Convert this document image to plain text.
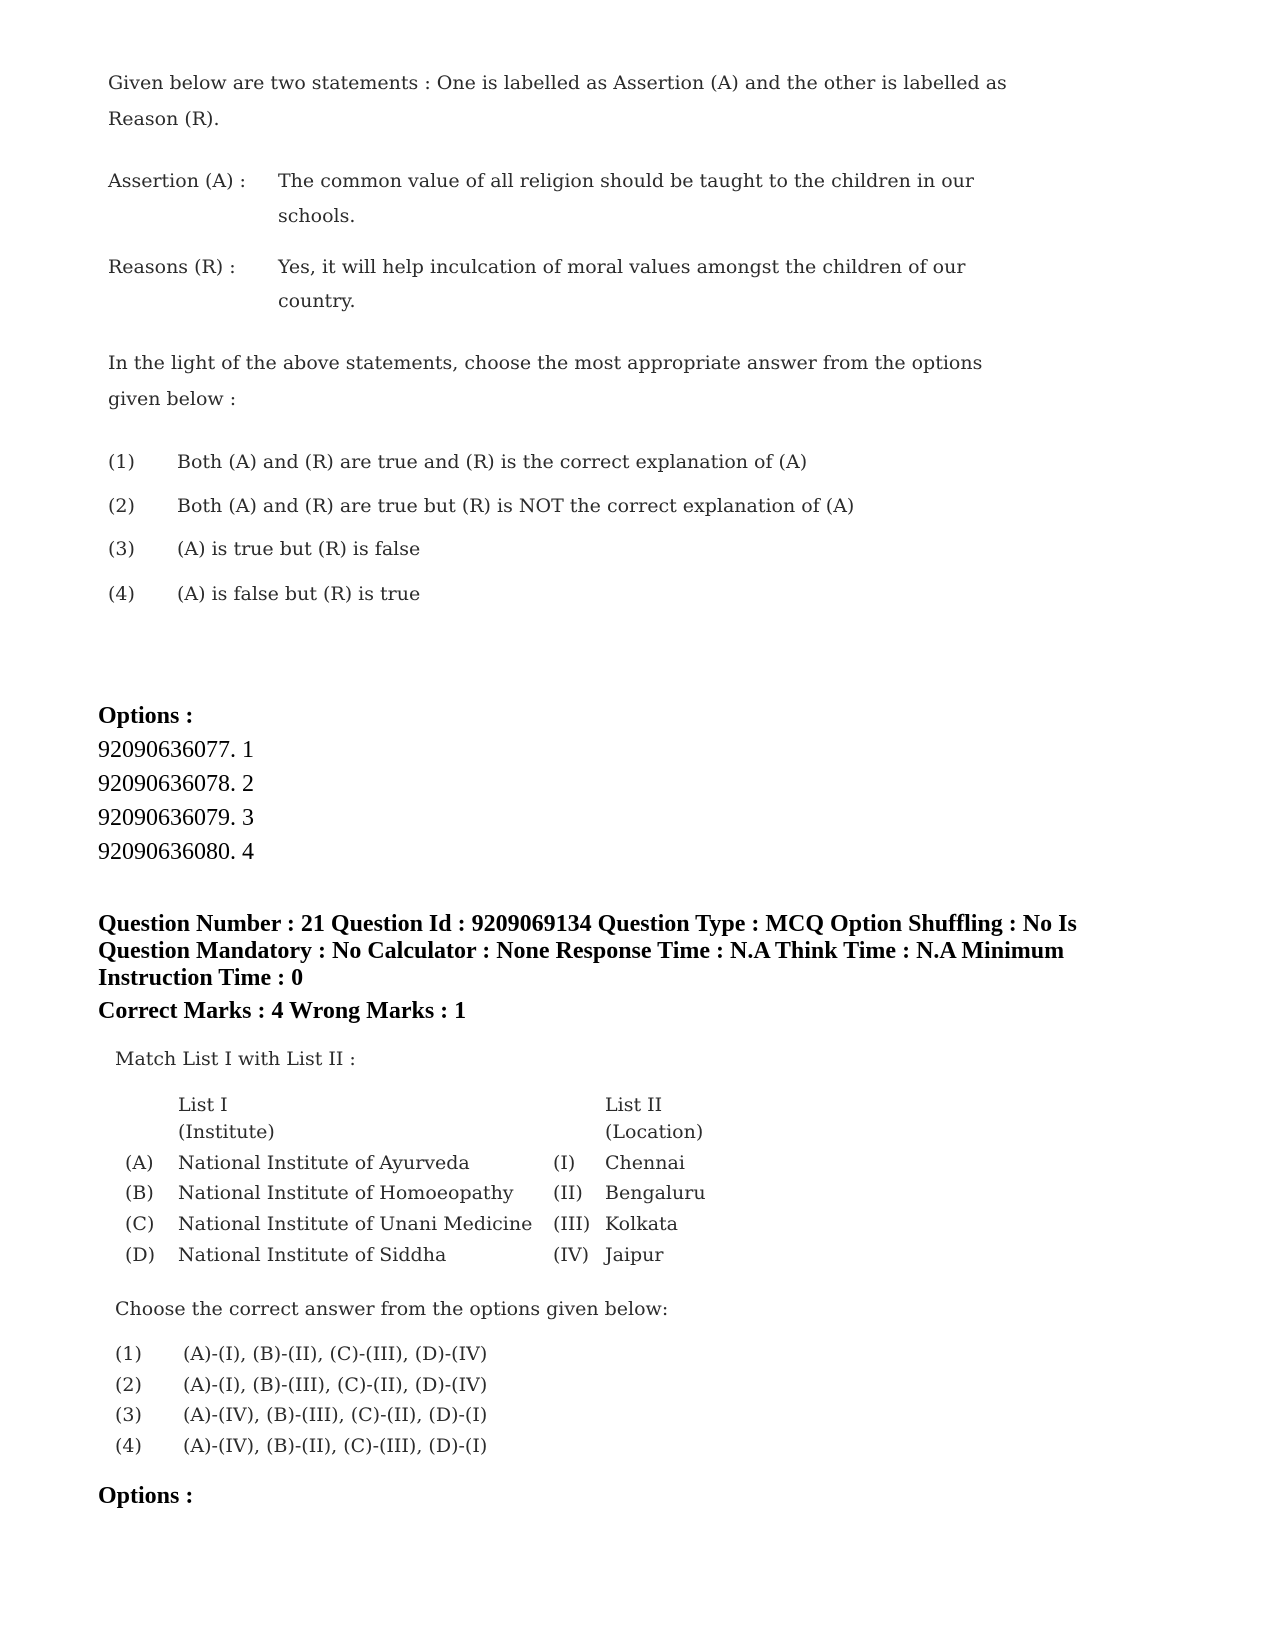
Given below are two statements : One is labelled as Assertion (A) and the other is labelled as
Reason (R).
Assertion (A) : The common value of all religion should be taught to the children in our
schools.
Reasons (R) : Yes, it will help inculcation of moral values amongst the children of our
country.
In the light of the above statements, choose the most appropriate answer from the options
given below :
(1) Both (A) and (R) are true and (R) is the correct explanation of (A)
(2) Both (A) and (R) are true but (R) is NOT the correct explanation of (A)
(3) (A) is true but (R) is false
(4) (A) is false but (R) is true
Options :
92090636077. 1
92090636078. 2
92090636079. 3
92090636080. 4
Question Number : 21 Question Id : 9209069134 Question Type : MCQ Option Shuffling : No Is
Question Mandatory : No Calculator : None Response Time : N.A Think Time : N.A Minimum
Instruction Time : 0
Correct Marks : 4 Wrong Marks : 1
Match List I with List II :
List I
(Institute)
List II
(Location)
(A) National Institute of Ayurveda	(I) Chennai
(B) National Institute of Homoeopathy (II) Bengaluru
(C) National Institute of Unani Medicine (III) Kolkata
(D) National Institute of Siddha	(IV) Jaipur
Choose the correct answer from the options given below:
(1) (A)-(I), (B)-(II), (C)-(III), (D)-(IV)
(2) (A)-(I), (B)-(III), (C)-(II), (D)-(IV)
(3) (A)-(IV), (B)-(III), (C)-(II), (D)-(I)
(4) (A)-(IV), (B)-(II), (C)-(III), (D)-(I)
Options :
